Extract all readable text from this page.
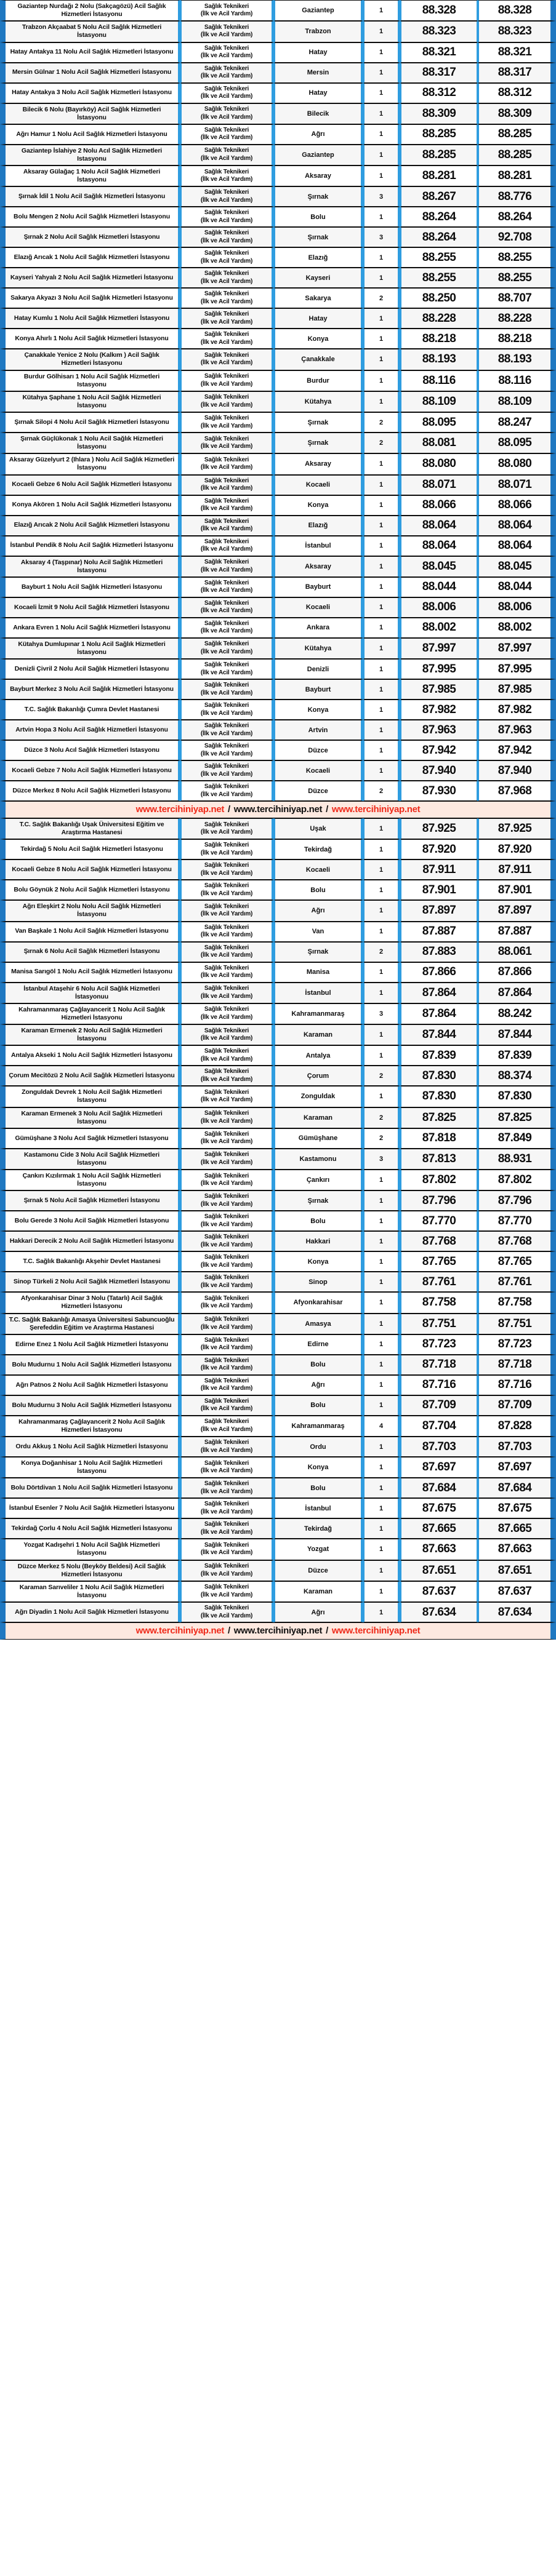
Gaziantep Nurdağı 2 Nolu (Sakçagözü) Acil Sağlık Hizmetleri İstasyonu	Sağlık Teknikeri
(İlk ve Acil Yardım)	Gaziantep	1	88.328	88.328
Trabzon Akçaabat 5 Nolu Acil Sağlık Hizmetleri İstasyonu	Sağlık Teknikeri
(İlk ve Acil Yardım)	Trabzon	1	88.323	88.323
Hatay Antakya 11 Nolu Acil Sağlık Hizmetleri İstasyonu	Sağlık Teknikeri
(İlk ve Acil Yardım)	Hatay	1	88.321	88.321
Mersin Gülnar 1 Nolu Acil Sağlık Hizmetleri İstasyonu	Sağlık Teknikeri
(İlk ve Acil Yardım)	Mersin	1	88.317	88.317
Hatay Antakya 3 Nolu Acil Sağlık Hizmetleri İstasyonu	Sağlık Teknikeri
(İlk ve Acil Yardım)	Hatay	1	88.312	88.312
Bilecik 6 Nolu (Bayırköy) Acil Sağlık Hizmetleri İstasyonu	Sağlık Teknikeri
(İlk ve Acil Yardım)	Bilecik	1	88.309	88.309
Ağrı Hamur 1 Nolu Acil Sağlık Hizmetleri İstasyonu	Sağlık Teknikeri
(İlk ve Acil Yardım)	Ağrı	1	88.285	88.285
Gaziantep İslahiye 2 Nolu Acıl Sağlık Hizmetleri Istasyonu	Sağlık Teknikeri
(İlk ve Acil Yardım)	Gaziantep	1	88.285	88.285
Aksaray Gülağaç 1 Nolu Acil Sağlık Hizmetleri İstasyonu	Sağlık Teknikeri
(İlk ve Acil Yardım)	Aksaray	1	88.281	88.281
Şırnak İdil 1 Nolu Acil Sağlık Hizmetleri İstasyonu	Sağlık Teknikeri
(İlk ve Acil Yardım)	Şırnak	3	88.267	88.776
Bolu Mengen 2 Nolu Acil Sağlık Hizmetleri İstasyonu	Sağlık Teknikeri
(İlk ve Acil Yardım)	Bolu	1	88.264	88.264
Şırnak 2 Nolu Acil Sağlık Hizmetleri İstasyonu	Sağlık Teknikeri
(İlk ve Acil Yardım)	Şırnak	3	88.264	92.708
Elazığ Arıcak 1 Nolu Acil Sağlık Hizmetleri İstasyonu	Sağlık Teknikeri
(İlk ve Acil Yardım)	Elazığ	1	88.255	88.255
Kayseri Yahyalı 2 Nolu Acil Sağlık Hizmetleri İstasyonu	Sağlık Teknikeri
(İlk ve Acil Yardım)	Kayseri	1	88.255	88.255
Sakarya Akyazı 3 Nolu Acil Sağlık Hizmetleri İstasyonu	Sağlık Teknikeri
(İlk ve Acil Yardım)	Sakarya	2	88.250	88.707
Hatay Kumlu 1 Nolu Acil Sağlık Hizmetleri İstasyonu	Sağlık Teknikeri
(İlk ve Acil Yardım)	Hatay	1	88.228	88.228
Konya Ahırlı 1 Nolu Acil Sağlık Hizmetleri İstasyonu	Sağlık Teknikeri
(İlk ve Acil Yardım)	Konya	1	88.218	88.218
Çanakkale Yenice 2 Nolu (Kalkım ) Acil Sağlık Hizmetleri İstasyonu	Sağlık Teknikeri
(İlk ve Acil Yardım)	Çanakkale	1	88.193	88.193
Burdur Gölhisarı 1 Nolu Acil Sağlık Hizmetleri Istasyonu	Sağlık Teknikeri
(İlk ve Acil Yardım)	Burdur	1	88.116	88.116
Kütahya Şaphane 1 Nolu Acil Sağlık Hizmetleri İstasyonu	Sağlık Teknikeri
(İlk ve Acil Yardım)	Kütahya	1	88.109	88.109
Şırnak Silopi 4 Nolu Acil Sağlık Hizmetleri İstasyonu	Sağlık Teknikeri
(İlk ve Acil Yardım)	Şırnak	2	88.095	88.247
Şırnak Güçlükonak 1 Nolu Acil Sağlık Hizmetleri İstasyonu	Sağlık Teknikeri
(İlk ve Acil Yardım)	Şırnak	2	88.081	88.095
Aksaray Güzelyurt 2 (Ihlara ) Nolu Acil Sağlık Hizmetleri İstasyonu	Sağlık Teknikeri
(İlk ve Acil Yardım)	Aksaray	1	88.080	88.080
Kocaeli Gebze 6 Nolu Acil Sağlık Hizmetleri İstasyonu	Sağlık Teknikeri
(İlk ve Acil Yardım)	Kocaeli	1	88.071	88.071
Konya Akören 1 Nolu Acil Sağlık Hizmetleri İstasyonu	Sağlık Teknikeri
(İlk ve Acil Yardım)	Konya	1	88.066	88.066
Elazığ Arıcak 2 Nolu Acil Sağlık Hizmetleri İstasyonu	Sağlık Teknikeri
(İlk ve Acil Yardım)	Elazığ	1	88.064	88.064
İstanbul Pendik 8 Nolu Acil Sağlık Hizmetleri İstasyonu	Sağlık Teknikeri
(İlk ve Acil Yardım)	İstanbul	1	88.064	88.064
Aksaray 4 (Taşpınar) Nolu Acil Sağlık Hizmetleri İstasyonu	Sağlık Teknikeri
(İlk ve Acil Yardım)	Aksaray	1	88.045	88.045
Bayburt 1 Nolu Acil Sağlık Hizmetleri İstasyonu	Sağlık Teknikeri
(İlk ve Acil Yardım)	Bayburt	1	88.044	88.044
Kocaeli İzmit 9 Nolu Acil Sağlık Hizmetleri İstasyonu	Sağlık Teknikeri
(İlk ve Acil Yardım)	Kocaeli	1	88.006	88.006
Ankara Evren 1 Nolu Acil Sağlık Hizmetleri İstasyonu	Sağlık Teknikeri
(İlk ve Acil Yardım)	Ankara	1	88.002	88.002
Kütahya Dumlupınar 1 Nolu Acil Sağlık Hizmetleri İstasyonu	Sağlık Teknikeri
(İlk ve Acil Yardım)	Kütahya	1	87.997	87.997
Denizli Çivril 2 Nolu Acil Sağlık Hizmetleri İstasyonu	Sağlık Teknikeri
(İlk ve Acil Yardım)	Denizli	1	87.995	87.995
Bayburt Merkez 3 Nolu Acil Sağlık Hizmetleri İstasyonu	Sağlık Teknikeri
(İlk ve Acil Yardım)	Bayburt	1	87.985	87.985
T.C. Sağlık Bakanlığı Çumra Devlet Hastanesi	Sağlık Teknikeri
(İlk ve Acil Yardım)	Konya	1	87.982	87.982
Artvin Hopa 3 Nolu Acil Sağlık Hizmetleri İstasyonu	Sağlık Teknikeri
(İlk ve Acil Yardım)	Artvin	1	87.963	87.963
Düzce 3 Nolu Acıl Sağlık Hizmetleri Istasyonu	Sağlık Teknikeri
(İlk ve Acil Yardım)	Düzce	1	87.942	87.942
Kocaeli Gebze 7 Nolu Acil Sağlık Hizmetleri İstasyonu	Sağlık Teknikeri
(İlk ve Acil Yardım)	Kocaeli	1	87.940	87.940
Düzce Merkez 8 Nolu Acil Sağlık Hizmetleri İstasyonu	Sağlık Teknikeri
(İlk ve Acil Yardım)	Düzce	2	87.930	87.968
www.tercihiniyap.net / www.tercihiniyap.net / www.tercihiniyap.net					
T.C. Sağlık Bakanlığı Uşak Üniversitesi Eğitim ve Araştırma Hastanesi	Sağlık Teknikeri
(İlk ve Acil Yardım)	Uşak	1	87.925	87.925
Tekirdağ 5 Nolu Acil Sağlık Hizmetleri İstasyonu	Sağlık Teknikeri
(İlk ve Acil Yardım)	Tekirdağ	1	87.920	87.920
Kocaeli Gebze 8 Nolu Acil Sağlık Hizmetleri İstasyonu	Sağlık Teknikeri
(İlk ve Acil Yardım)	Kocaeli	1	87.911	87.911
Bolu Göynük 2 Nolu Acil Sağlık Hizmetleri İstasyonu	Sağlık Teknikeri
(İlk ve Acil Yardım)	Bolu	1	87.901	87.901
Ağrı Eleşkirt 2 Nolu Nolu Acil Sağlık Hizmetleri İstasyonu	Sağlık Teknikeri
(İlk ve Acil Yardım)	Ağrı	1	87.897	87.897
Van Başkale 1 Nolu Acil Sağlık Hizmetleri İstasyonu	Sağlık Teknikeri
(İlk ve Acil Yardım)	Van	1	87.887	87.887
Şırnak 6 Nolu Acil Sağlık Hizmetleri İstasyonu	Sağlık Teknikeri
(İlk ve Acil Yardım)	Şırnak	2	87.883	88.061
Manisa Sarıgöl 1 Nolu Acil Sağlık Hizmetleri İstasyonu	Sağlık Teknikeri
(İlk ve Acil Yardım)	Manisa	1	87.866	87.866
İstanbul Ataşehir 6 Nolu Acil Sağlık Hizmetleri İstasyonuu	Sağlık Teknikeri
(İlk ve Acil Yardım)	İstanbul	1	87.864	87.864
Kahramanmaraş Çağlayancerit 1 Nolu Acil Sağlık Hizmetleri İstasyonu	Sağlık Teknikeri
(İlk ve Acil Yardım)	Kahramanmaraş	3	87.864	88.242
Karaman Ermenek 2 Nolu Acil Sağlık Hizmetleri İstasyonu	Sağlık Teknikeri
(İlk ve Acil Yardım)	Karaman	1	87.844	87.844
Antalya Akseki 1 Nolu Acil Sağlık Hizmetleri İstasyonu	Sağlık Teknikeri
(İlk ve Acil Yardım)	Antalya	1	87.839	87.839
Çorum Mecitözü 2 Nolu Acil Sağlık Hizmetleri İstasyonu	Sağlık Teknikeri
(İlk ve Acil Yardım)	Çorum	2	87.830	88.374
Zonguldak Devrek 1 Nolu Acil Sağlık Hizmetleri İstasyonu	Sağlık Teknikeri
(İlk ve Acil Yardım)	Zonguldak	1	87.830	87.830
Karaman Ermenek 3 Nolu Acil Sağlık Hizmetleri İstasyonu	Sağlık Teknikeri
(İlk ve Acil Yardım)	Karaman	2	87.825	87.825
Gümüşhane 3 Nolu Acıl Sağlık Hizmetleri Istasyonu	Sağlık Teknikeri
(İlk ve Acil Yardım)	Gümüşhane	2	87.818	87.849
Kastamonu Cide 3 Nolu Acil Sağlık Hizmetleri İstasyonu	Sağlık Teknikeri
(İlk ve Acil Yardım)	Kastamonu	3	87.813	88.931
Çankırı Kızılırmak 1 Nolu Acil Sağlık Hizmetleri İstasyonu	Sağlık Teknikeri
(İlk ve Acil Yardım)	Çankırı	1	87.802	87.802
Şırnak 5 Nolu Acil Sağlık Hizmetleri İstasyonu	Sağlık Teknikeri
(İlk ve Acil Yardım)	Şırnak	1	87.796	87.796
Bolu Gerede 3 Nolu Acil Sağlık Hizmetleri İstasyonu	Sağlık Teknikeri
(İlk ve Acil Yardım)	Bolu	1	87.770	87.770
Hakkari Derecik 2 Nolu Acil Sağlık Hizmetleri İstasyonu	Sağlık Teknikeri
(İlk ve Acil Yardım)	Hakkari	1	87.768	87.768
T.C. Sağlık Bakanlığı Akşehir Devlet Hastanesi	Sağlık Teknikeri
(İlk ve Acil Yardım)	Konya	1	87.765	87.765
Sinop Türkeli 2 Nolu Acil Sağlık Hizmetleri İstasyonu	Sağlık Teknikeri
(İlk ve Acil Yardım)	Sinop	1	87.761	87.761
Afyonkarahisar Dinar 3 Nolu (Tatarlı) Acil Sağlık Hizmetleri İstasyonu	Sağlık Teknikeri
(İlk ve Acil Yardım)	Afyonkarahisar	1	87.758	87.758
T.C. Sağlık Bakanlığı Amasya Üniversitesi Sabuncuoğlu Şerefeddin Eğitim ve Araştırma Hastanesi	Sağlık Teknikeri
(İlk ve Acil Yardım)	Amasya	1	87.751	87.751
Edirne Enez 1 Nolu Acil Sağlık Hizmetleri İstasyonu	Sağlık Teknikeri
(İlk ve Acil Yardım)	Edirne	1	87.723	87.723
Bolu Mudurnu 1 Nolu Acil Sağlık Hizmetleri İstasyonu	Sağlık Teknikeri
(İlk ve Acil Yardım)	Bolu	1	87.718	87.718
Ağrı Patnos 2 Nolu Acil Sağlık Hizmetleri İstasyonu	Sağlık Teknikeri
(İlk ve Acil Yardım)	Ağrı	1	87.716	87.716
Bolu Mudurnu 3 Nolu Acil Sağlık Hizmetleri İstasyonu	Sağlık Teknikeri
(İlk ve Acil Yardım)	Bolu	1	87.709	87.709
Kahramanmaraş Çağlayancerit 2 Nolu Acil Sağlık Hizmetleri İstasyonu	Sağlık Teknikeri
(İlk ve Acil Yardım)	Kahramanmaraş	4	87.704	87.828
Ordu Akkuş 1 Nolu Acil Sağlık Hizmetleri İstasyonu	Sağlık Teknikeri
(İlk ve Acil Yardım)	Ordu	1	87.703	87.703
Konya Doğanhisar 1 Nolu Acil Sağlık Hizmetleri İstasyonu	Sağlık Teknikeri
(İlk ve Acil Yardım)	Konya	1	87.697	87.697
Bolu Dörtdivan 1 Nolu Acil Sağlık Hizmetleri İstasyonu	Sağlık Teknikeri
(İlk ve Acil Yardım)	Bolu	1	87.684	87.684
İstanbul Esenler 7 Nolu Acil Sağlık Hizmetleri İstasyonu	Sağlık Teknikeri
(İlk ve Acil Yardım)	İstanbul	1	87.675	87.675
Tekirdağ Çorlu 4 Nolu Acil Sağlık Hizmetleri İstasyonu	Sağlık Teknikeri
(İlk ve Acil Yardım)	Tekirdağ	1	87.665	87.665
Yozgat Kadışehri 1 Nolu Acil Sağlık Hizmetleri İstasyonu	Sağlık Teknikeri
(İlk ve Acil Yardım)	Yozgat	1	87.663	87.663
Düzce Merkez 5 Nolu (Beyköy Beldesi) Acil Sağlık Hizmetleri İstasyonu	Sağlık Teknikeri
(İlk ve Acil Yardım)	Düzce	1	87.651	87.651
Karaman Sarıveliler 1 Nolu Acil Sağlık Hizmetleri İstasyonu	Sağlık Teknikeri
(İlk ve Acil Yardım)	Karaman	1	87.637	87.637
Ağrı Diyadin 1 Nolu Acil Sağlık Hizmetleri İstasyonu	Sağlık Teknikeri
(İlk ve Acil Yardım)	Ağrı	1	87.634	87.634
www.tercihiniyap.net / www.tercihiniyap.net / www.tercihiniyap.net					
